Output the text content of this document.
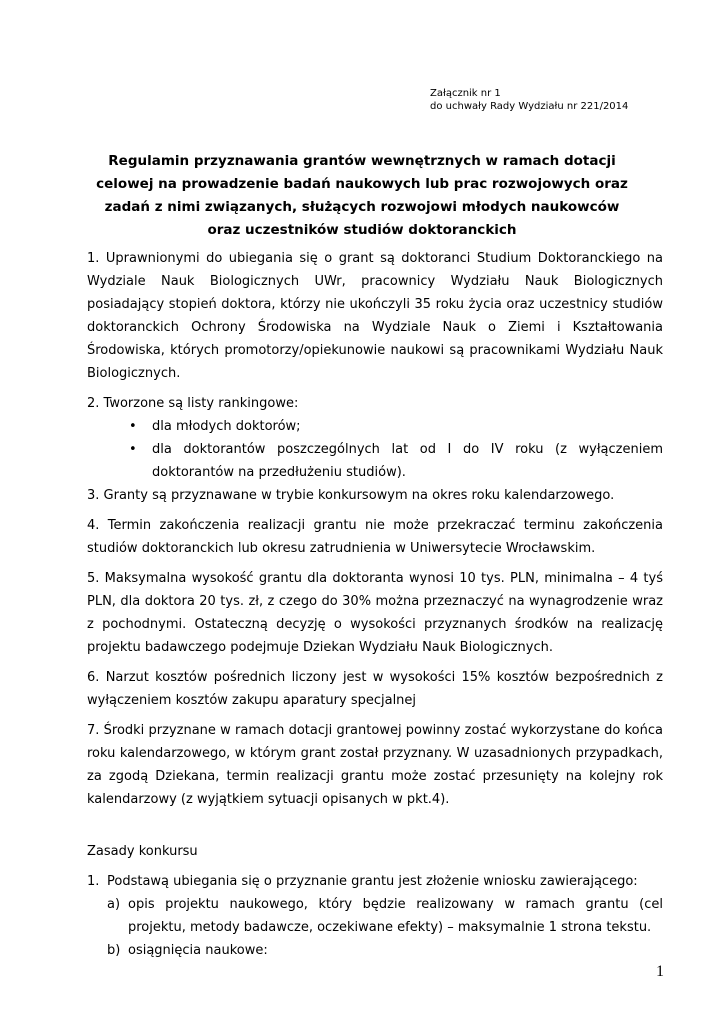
Załącznik nr 1
do uchwały Rady Wydziału nr 221/2014
Regulamin przyznawania grantów wewnętrznych w ramach dotacji celowej na prowadzenie badań naukowych lub prac rozwojowych oraz zadań z nimi związanych, służących rozwojowi młodych naukowców oraz uczestników studiów doktoranckich

1. Uprawnionymi do ubiegania się o grant są doktoranci Studium Doktoranckiego na Wydziale Nauk Biologicznych UWr, pracownicy Wydziału Nauk Biologicznych posiadający stopień doktora, którzy nie ukończyli 35 roku życia oraz uczestnicy studiów doktoranckich Ochrony Środowiska na Wydziale Nauk o Ziemi i Kształtowania Środowiska, których promotorzy/opiekunowie naukowi są pracownikami Wydziału Nauk Biologicznych.

2. Tworzone są listy rankingowe:

• dla młodych doktorów;
• dla doktorantów poszczególnych lat od I do IV roku (z wyłączeniem doktorantów na przedłużeniu studiów).

3. Granty są przyznawane w trybie konkursowym na okres roku kalendarzowego.

4. Termin zakończenia realizacji grantu nie może przekraczać terminu zakończenia studiów doktoranckich lub okresu zatrudnienia w Uniwersytecie Wrocławskim.

5. Maksymalna wysokość grantu dla doktoranta wynosi 10 tys. PLN, minimalna – 4 tyś PLN, dla doktora 20 tys. zł, z czego do 30% można przeznaczyć na wynagrodzenie wraz z pochodnymi. Ostateczną decyzję o wysokości przyznanych środków na realizację projektu badawczego podejmuje Dziekan Wydziału Nauk Biologicznych.

6. Narzut kosztów pośrednich liczony jest w wysokości 15% kosztów bezpośrednich z wyłączeniem kosztów zakupu aparatury specjalnej

7. Środki przyznane w ramach dotacji grantowej powinny zostać wykorzystane do końca roku kalendarzowego, w którym grant został przyznany. W uzasadnionych przypadkach, za zgodą Dziekana, termin realizacji grantu może zostać przesunięty na kolejny rok kalendarzowy (z wyjątkiem sytuacji opisanych w pkt.4).

Zasady konkursu

1. Podstawą ubiegania się o przyznanie grantu jest złożenie wniosku zawierającego:

a) opis projektu naukowego, który będzie realizowany w ramach grantu (cel projektu, metody badawcze, oczekiwane efekty) – maksymalnie 1 strona tekstu.

b) osiągnięcia naukowe:

1
